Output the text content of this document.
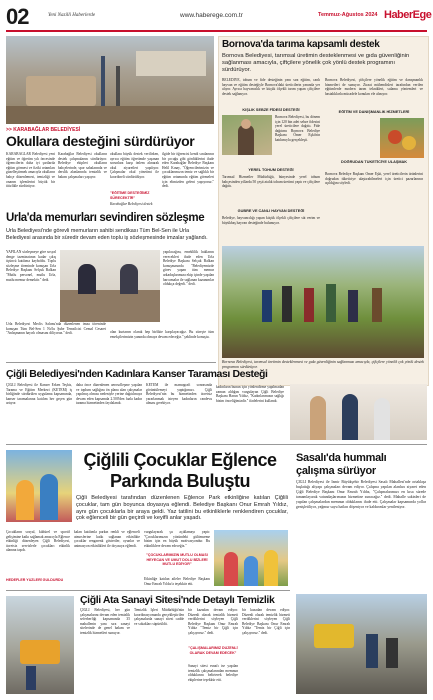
02	Yeni Nazilli Haberlerde	www.haberege.com.tr	Temmuz-Ağustos 2024 HaberEge
>> KARABAĞLAR BELEDİYESİ
Okullara desteğini sürdürüyor
KARABAĞLAR Belediyesi yeni eğitim ve öğretim yılı öncesinde öğrencilerin daha iyi şartlarda eğitim görmesi ve fiziki ortamları güzelleştirmek amacıyla okulların bahçe düzenlemesi, temizliği ve onarım işlemlerini büyük bir titizlikle sürdürüyor.
Karabağlar Belediyesi okulların destek çalışmalarını sürdürüyor. Belediye ekipleri okulların bahçelerinde, spor sahalarında ve derslik alanlarında temizlik ve bakım çalışmaları yapıyor.
okullara büyük destek verilirken, ayrıca eğitim öğretimde yaşanan sorunlara karşı önlem alınarak okul ziyaretleri yapılıyor. Çalışmalar okul yönetimi ile koordineli sürdürülüyor.
"EĞİTİME DESTEĞİMİZ SÜRECEKTİR"
Karabağlar Belediyesi destek
ilgide bir öğrencisi kendi sıralarının bir çocuğu gibi gördüklerini ifade eden Karabağlar Belediye Başkanı Helil Kınay, "Öğrencilerimizin ve çocuklarımızın temiz ve sağlıklı bir eğitim ortamında eğitim görmeleri için elimizden geleni yapıyoruz." dedi.
Bornova'da tarıma kapsamlı destek
Bornova Belediyesi, tarımsal üretimin desteklenmesi ve gıda güvenliğinin sağlanması amacıyla, çiftçilere yönelik çok yönlü destek programını sürdürüyor.
BELEDİYE, tohum ve fide desteğinin yanı sıra eğitim, canlı hayvan ve eğitim desteğiyle Bornova'daki üreticilerin yanında yer alıyor. Ayrıca hayvancılık ve küçük ölçekli tarım yapan çiftçilere destek sağlanıyor.
KIŞLIK SEBZE FİDESİ DESTEĞİ
Bornova Belediyesi, bu dönem için 120 bin adet sebze fidesini yerel üreticilere dağıttı. Fide dağıtımı Bornova Belediye Başkanı Ömer Eşki'nin katılımıyla gerçekleşti.
YEREL TOHUM DESTEĞİ
Tarımsal Hizmetler Müdürlüğü, bünyesinde yerel tohum bahçesinden yıllarda 50 çeşit atalık tohum üretimi yaptı ve çiftçilere dağıttı.
GÜBRE VE CANLI HAYVAN DESTEĞİ
Belediye, hayvancılığı yapan küçük ölçekli çiftçilere süt verim ve büyükbaş hayvan desteğinde bulunuyor.
Bornova Belediyesi, çiftçilere yönelik eğitim ve danışmanlık hizmetleri de sunuyor. Ziraat mühendisleri tarafından verilen eğitimlerde modern tarım teknikleri, sulama yöntemleri ve hastalıklarla mücadele konuları ele alınıyor.
EĞİTİM VE DANIŞMANLIK HİZMETLERİ
DOĞRUDAN TÜKETİCİYE ULAŞMAK
Bornova Belediye Başkanı Ömer Eşki, yerel üreticilerin ürünlerini doğrudan tüketiciye ulaştırabilmeleri için üretici pazarlarının açıldığını söyledi.
Bornova Belediyesi, tarımsal üretimin desteklenmesi ve gıda güvenliğinin sağlanması amacıyla, çiftçilere yönelik çok yönlü destek programını sürdürüyor.
Urla'da memurları sevindiren sözleşme
Urla Belediyesi'nde görevli memurların sahibi sendikası Tüm Bel-Sen ile Urla Belediyesi arasında bir süredir devam eden toplu iş sözleşmesinde imzalar yağlandı.
YAPILAN sözleşmeye göre sosyal denge tazminatının kadar çıkış üçüncü katılıma kayboldu. Toplu sözleşme töreninde konuşan Urla Belediye Başkanı Selçuk Balkan "Mutlu personel, mutlu Urla, mutlu memur demektir." dedi.
Urla Belediyesi Meclis Salonu'nda düzenlenen imza töreninde konuşan Tüm Bel-Sen 1 No'lu Şube Temsilcisi Cemal Cesaret "Anlaşmanın hayırlı olmasını diliyoruz." dedi.
yapılacağını, emeklilik haklarını verecekleri ifade eden Urla Belediye Başkanı Selçuk Balkan konuşmasında "Belediyemizde görev yapan tüm memur arkadaşlarımıza ekip içinde yapılan harcamalar ile sağlanan kazanımlar oldukça değerli." dedi.
olan kurtarım olarak hep birlikte karşılayacağız. Bu süreçte tüm emekçilerimizin yanında olmaya devam edeceğiz." şeklinde konuştu.
Çiğli Belediyesi'nden Kadınlara Kanser Taraması Desteği
ÇİĞLİ Belediyesi ile Kanser Erken Teşhis, Tarama ve Eğitim Merkezi (KETEM) iş birliğinde sürdürülen uygulama kapsamında, kanser taramalarına katılım her geçen gün artıyor.
daha önce düzenlenen aerosolleşme yapılan ve toplum sağlığını ön plana alan çalışmalar yapılmış olması nedeniyle yerine dağıtılmaya devam eden kapsamda 2.500'den fazla kadın tarama hizmetinden faydalandı.
KETEM ile mamografi sonrasında görüntülemeyi yaptığımızı. Çiğli Belediyesi'nin bu hizmetinden ücretsiz yararlanmak isteyen kadınların randevu alması gerekiyor.
kadınların bunun için yönlendirme yapılmadan zaman aldığını vurgulayan Çiğli Belediye Başkanı Harun Yıldız, "Kadınlarımızın sağlığı bizim önceliğimizdir." ifadelerini kullandı.
Çiğlili Çocuklar Eğlence
Parkında Buluştu
Çiğli Belediyesi tarafından düzenlenen Eğlence Park etkinliğine katılan Çiğlili çocuklar, tam gün boyunca doyasıya eğlendi. Belediye Başkanı Onur Emrah Yıldız, aynı gün çocuklarla bir araya geldi. Yaz tatilini bu etkinliklerle renklendiren çocuklar, çok eğlenceli bir gün geçirdi ve keyifli anlar yaşadı.
Çocukların sosyal, kültürel ve sportif gelişimine katkı sağlamak amacıyla Eğlence etkinliği düzenleyen Çiğli Belediyesi, ücretsiz servislerle çocukları etkinlik alanına taşıdı.
HEDEFLER YÜZLERİ GÜLDÜRDÜ
kalan katılımla parkın renkli ve eğlenceli atmosferine katkı sağlanan etkinlikte çocuklar rengarenk gösteriler, oyunlar ve animasyon etkinlikleri ile doyasıya eğlendi.
vurgulayarak şu açıklamayı yaptı: "Çocuklarımızın yüzündeki gülümseme bizim için en büyük motivasyondur. Bu etkinliklere devam edeceğiz."
"ÇOCUKLARIMIZIN MUTLU OLMASI HEYECAN VE UMUT DOLU BİZLERİ MUTLU EDİYOR"
Etkinliğe katılan aileler Belediye Başkanı Onur Emrah Yıldız'a teşekkür etti.
Sasalı'da hummalı çalışma sürüyor
ÇİĞLİ Belediyesi ile İzmir Büyükşehir Belediyesi Sasalı Mahallesi'nde ortaklaşa başlattığı altyapı çalışmaları devam ediyor. Çalışma yapılan alanları ziyaret eden Çiğli Belediye Başkanı Onur Emrah Yıldız, "Çalışmalarımızı en kısa sürede tamamlayarak vatandaşlarımızın hizmetine sunacağız." dedi. Mahalle sakinleri de yapılan çalışmalardan memnun olduklarını ifade etti. Çalışmalar kapsamında yollar genişletiliyor, yağmur suyu hatları döşeniyor ve kaldırımlar yenileniyor.
Çiğli Ata Sanayi Sitesi'nde Detaylı Temizlik
ÇİĞLİ Belediyesi, her gün çalışmalarını devam eden temizlik seferberliği kapsamında 35 mahallenin yanı sıra sanayi sitelerinde de genel bakım ve temizlik hizmetleri sunuyor.
Temizlik İşleri Müdürlüğü'nün koordinasyonunda gerçekleştirilen çalışmalarda sanayi sitesi cadde ve sokakları süpürüldü.
bir kazadan devam ediyor. Düzenli olarak temizlik hizmeti verdiklerini söyleyen Çiğli Belediye Başkanı Onur Emrah Yıldız "Temiz bir Çiğli için çalışıyoruz." dedi.
"ÇALIŞMALARIMIZ DÜZENLİ OLARAK DEVAM EDECEK"
Sanayi sitesi esnafı ise yapılan temizlik çalışmalarından memnun olduklarını belirterek belediye ekiplerine teşekkür etti.
bir kazadan devam ediyor. Düzenli olarak temizlik hizmeti verdiklerini söyleyen Çiğli Belediye Başkanı Onur Emrah Yıldız "Temiz bir Çiğli için çalışıyoruz." dedi.
